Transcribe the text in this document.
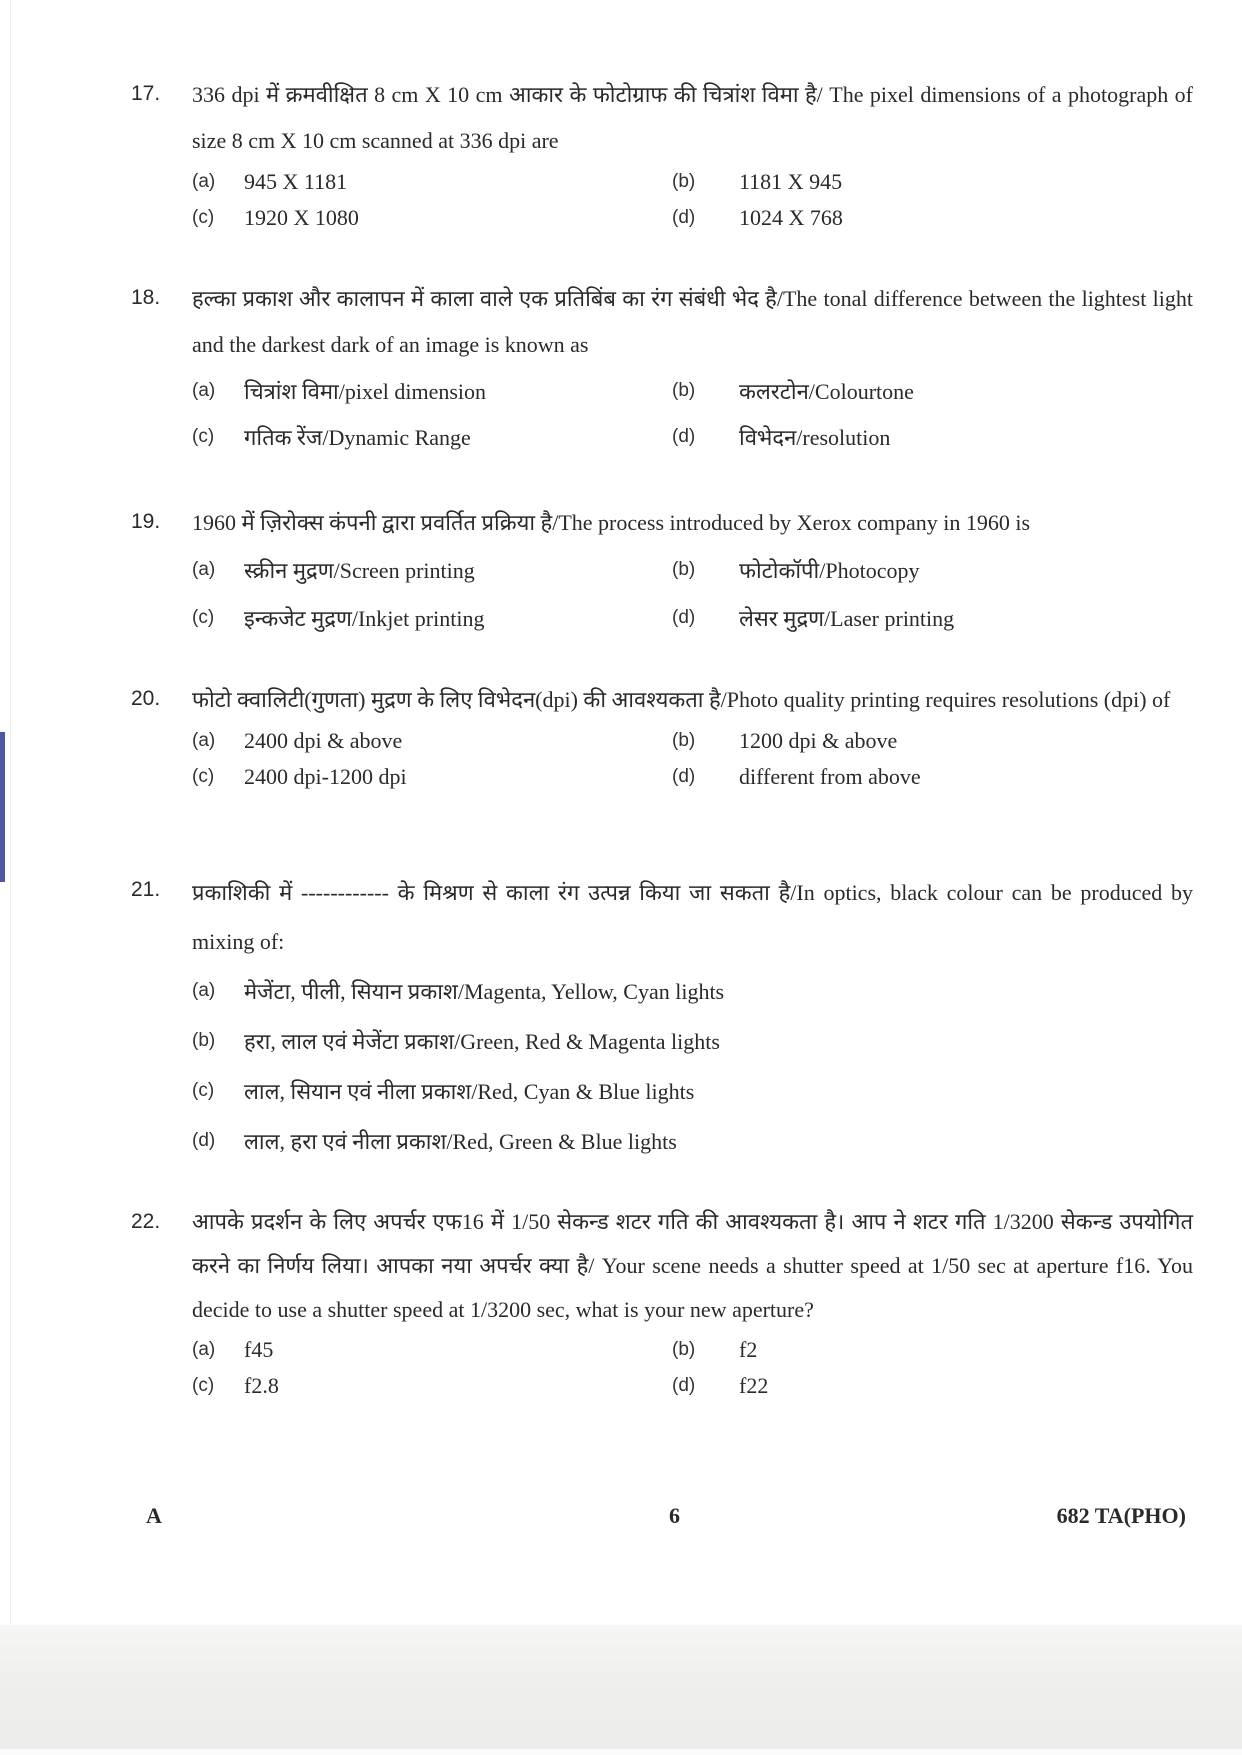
17.	336 dpi में क्रमवीक्षित 8 cm X 10 cm आकार के फोटोग्राफ की चित्रांश विमा है/ The pixel dimensions of a photograph of size 8 cm X 10 cm scanned at 336 dpi are
(a)	945 X 1181	(b)	1181 X 945
(c)	1920 X 1080	(d)	1024 X 768
18.	हल्का प्रकाश और कालापन में काला वाले एक प्रतिबिंब का रंग संबंधी भेद है/The tonal difference between the lightest light and the darkest dark of an image is known as
(a)	चित्रांश विमा/pixel dimension	(b)	कलरटोन/Colourtone
(c)	गतिक रेंज/Dynamic Range	(d)	विभेदन/resolution
19.	1960 में ज़िरोक्स कंपनी द्वारा प्रवर्तित प्रक्रिया है/The process introduced by Xerox company in 1960 is
(a)	स्क्रीन मुद्रण/Screen printing	(b)	फोटोकॉपी/Photocopy
(c)	इन्कजेट मुद्रण/Inkjet printing	(d)	लेसर मुद्रण/Laser printing
20.	फोटो क्वालिटी(गुणता) मुद्रण के लिए विभेदन(dpi) की आवश्यकता है/Photo quality printing requires resolutions (dpi) of
(a)	2400 dpi & above	(b)	1200 dpi & above
(c)	2400 dpi-1200 dpi	(d)	different from above
21.	प्रकाशिकी में ------------ के मिश्रण से काला रंग उत्पन्न किया जा सकता है/In optics, black colour can be produced by mixing of:
(a)	मेजेंटा, पीली, सियान प्रकाश/Magenta, Yellow, Cyan lights
(b)	हरा, लाल एवं मेजेंटा प्रकाश/Green, Red & Magenta lights
(c)	लाल, सियान एवं नीला प्रकाश/Red, Cyan & Blue lights
(d)	लाल, हरा एवं नीला प्रकाश/Red, Green & Blue lights
22.	आपके प्रदर्शन के लिए अपर्चर एफ16 में 1/50 सेकन्ड शटर गति की आवश्यकता है। आप ने शटर गति 1/3200 सेकन्ड उपयोगित करने का निर्णय लिया। आपका नया अपर्चर क्या है/ Your scene needs a shutter speed at 1/50 sec at aperture f16. You decide to use a shutter speed at 1/3200 sec, what is your new aperture?
(a)	f45	(b)	f2
(c)	f2.8	(d)	f22
A	6	682 TA(PHO)
